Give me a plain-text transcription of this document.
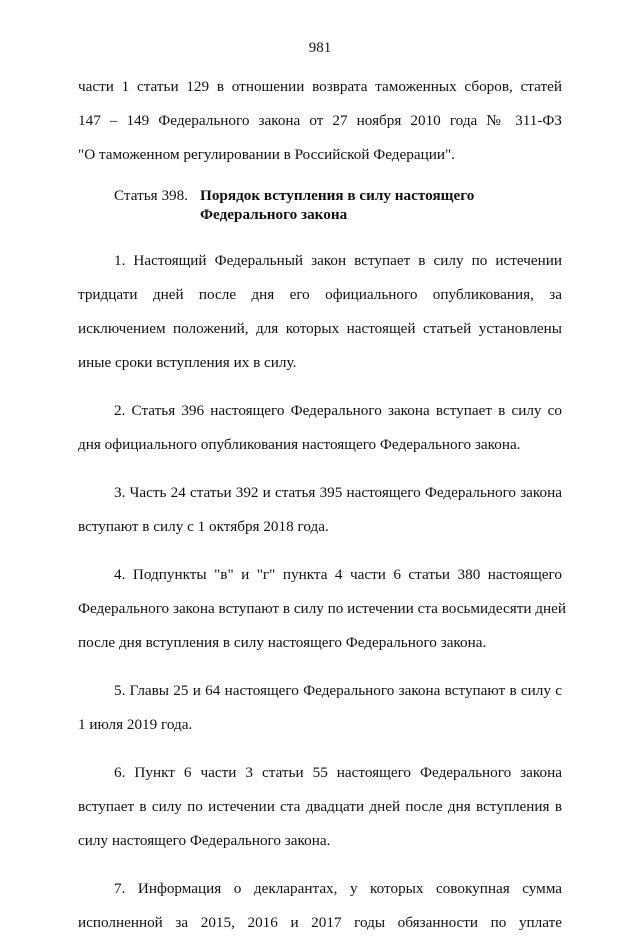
981
части 1 статьи 129 в отношении возврата таможенных сборов, статей
147 – 149 Федерального закона от 27 ноября 2010 года № 311-ФЗ
"О таможенном регулировании в Российской Федерации".
Статья 398. Порядок вступления в силу настоящего
Федерального закона
1. Настоящий Федеральный закон вступает в силу по истечении
тридцати дней после дня его официального опубликования, за
исключением положений, для которых настоящей статьей установлены
иные сроки вступления их в силу.
2. Статья 396 настоящего Федерального закона вступает в силу со
дня официального опубликования настоящего Федерального закона.
3. Часть 24 статьи 392 и статья 395 настоящего Федерального закона
вступают в силу с 1 октября 2018 года.
4. Подпункты "в" и "г" пункта 4 части 6 статьи 380 настоящего
Федерального закона вступают в силу по истечении ста восьмидесяти дней
после дня вступления в силу настоящего Федерального закона.
5. Главы 25 и 64 настоящего Федерального закона вступают в силу с
1 июля 2019 года.
6. Пункт 6 части 3 статьи 55 настоящего Федерального закона
вступает в силу по истечении ста двадцати дней после дня вступления в
силу настоящего Федерального закона.
7. Информация о декларантах, у которых совокупная сумма
исполненной за 2015, 2016 и 2017 годы обязанности по уплате
